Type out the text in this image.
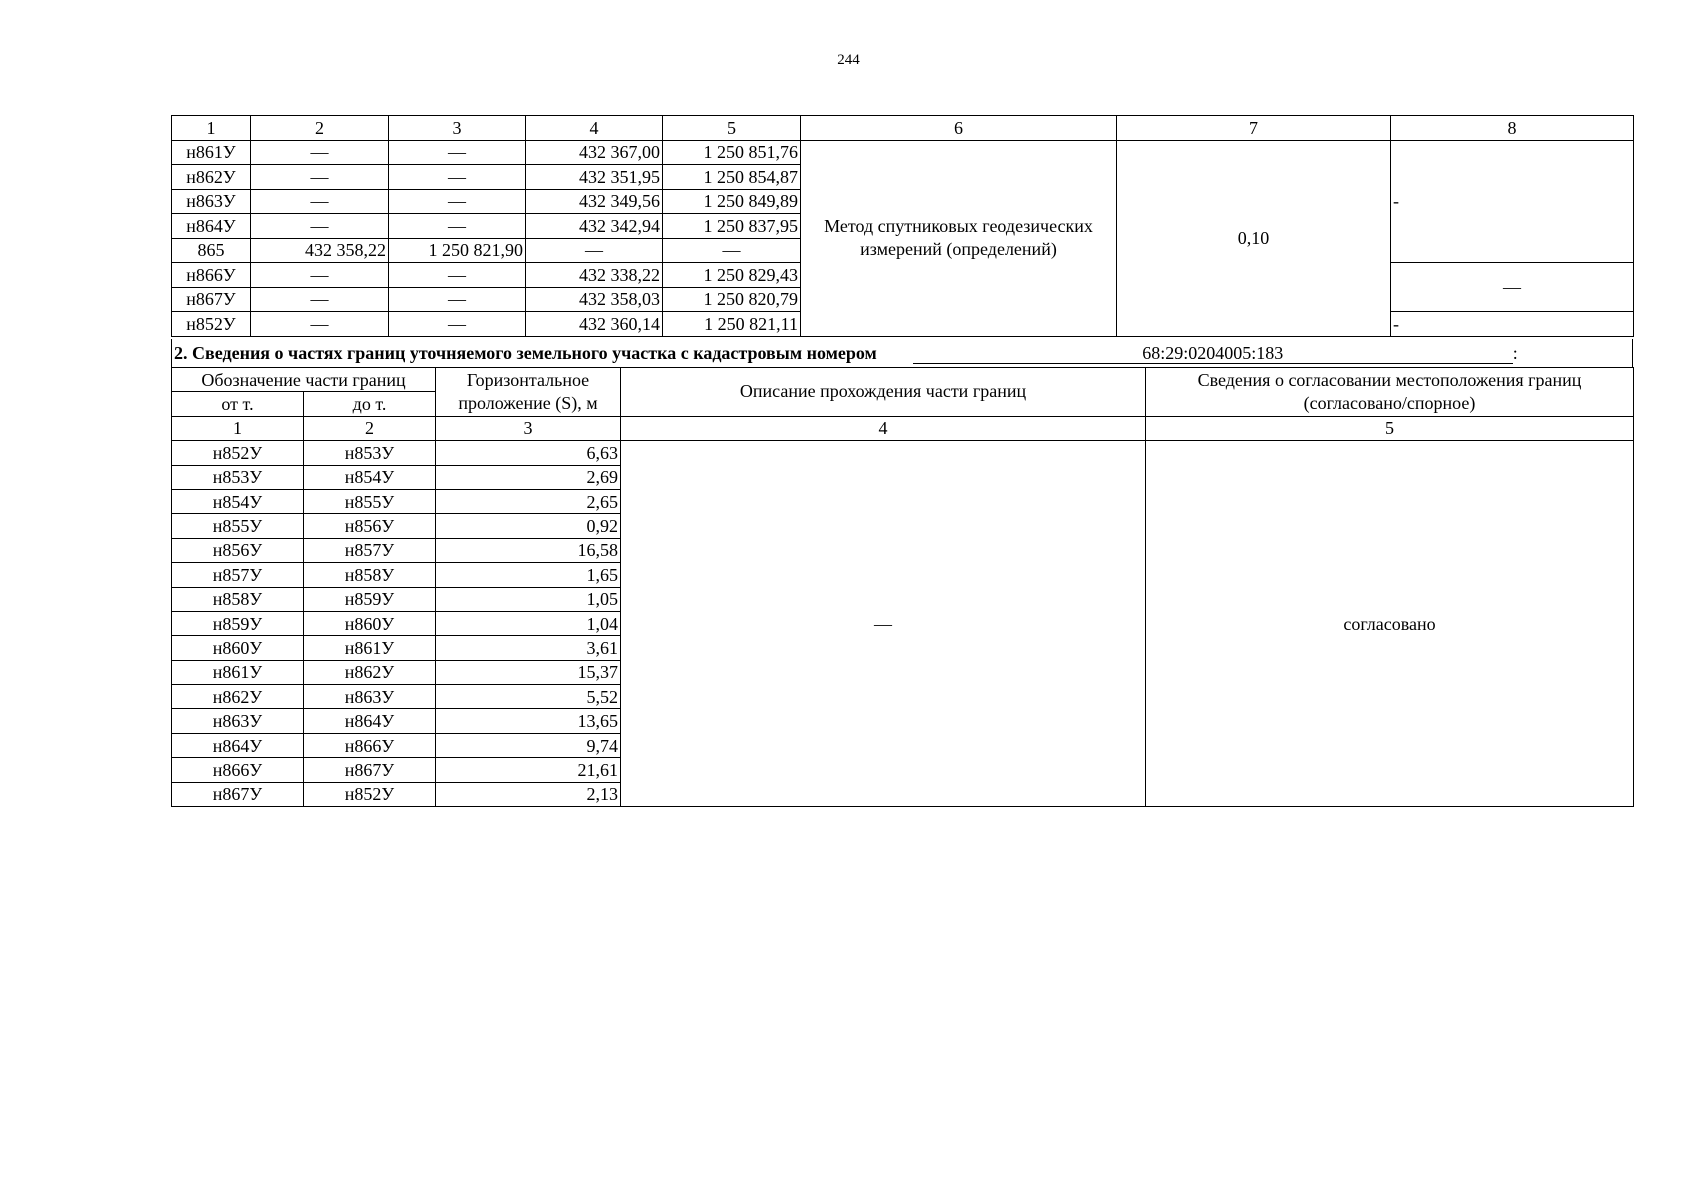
244
1	2	3	4	5	6	7	8
н861У	—	—	432 367,00	1 250 851,76	Метод спутниковых геодезических измерений (определений)	0,10	-
н862У	—	—	432 351,95	1 250 854,87			
н863У	—	—	432 349,56	1 250 849,89			
н864У	—	—	432 342,94	1 250 837,95			
865	432 358,22	1 250 821,90	—	—			
н866У	—	—	432 338,22	1 250 829,43			—
н867У	—	—	432 358,03	1 250 820,79			
н852У	—	—	432 360,14	1 250 821,11			-
2. Сведения о частях границ уточняемого земельного участка с кадастровым номером	68:29:0204005:183	:
Обозначение части границ		Горизонтальное проложение (S), м	Описание прохождения части границ	Сведения о согласовании местоположения границ (согласовано/спорное)
от т.	до т.			
1	2	3	4	5
н852У	н853У	6,63	—	согласовано
н853У	н854У	2,69		
н854У	н855У	2,65		
н855У	н856У	0,92		
н856У	н857У	16,58		
н857У	н858У	1,65		
н858У	н859У	1,05		
н859У	н860У	1,04		
н860У	н861У	3,61		
н861У	н862У	15,37		
н862У	н863У	5,52		
н863У	н864У	13,65		
н864У	н866У	9,74		
н866У	н867У	21,61		
н867У	н852У	2,13		
